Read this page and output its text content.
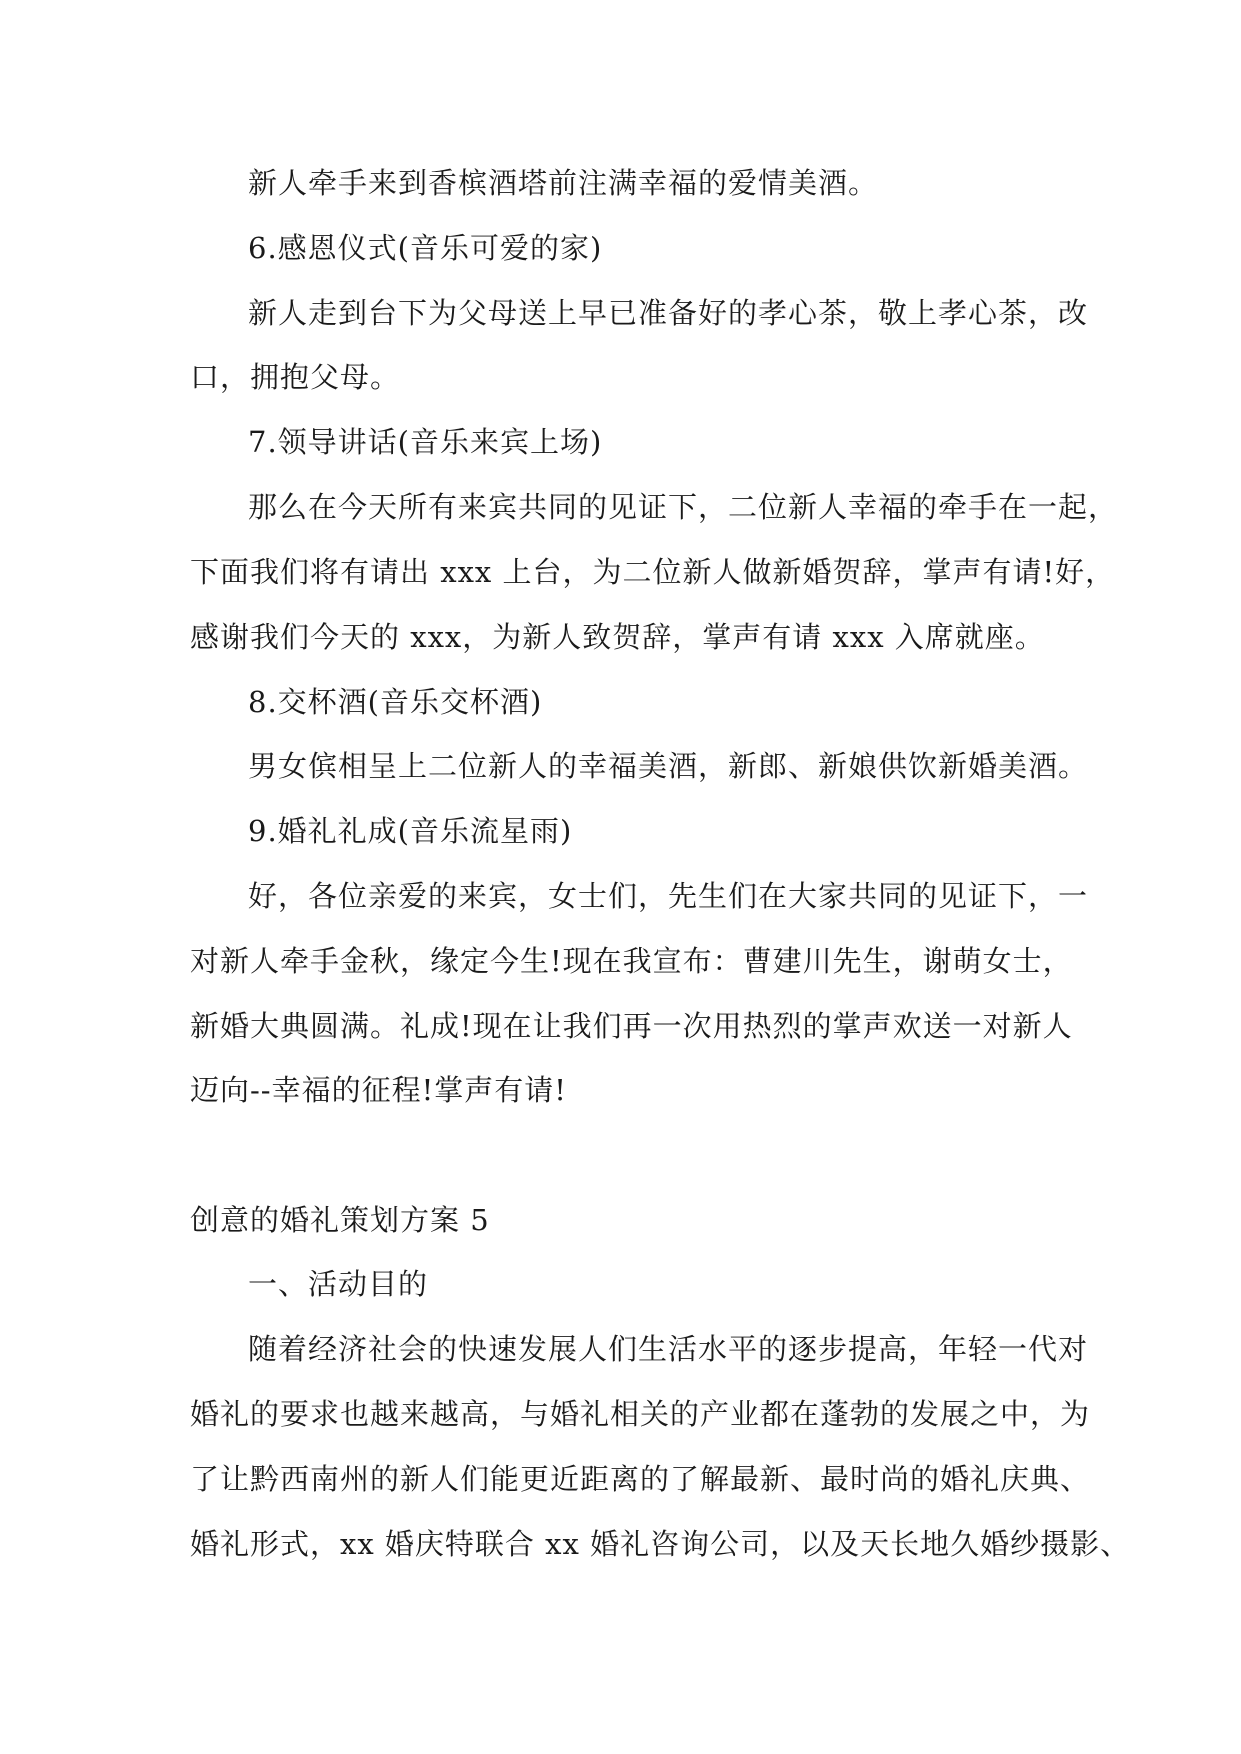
新人牵手来到香槟酒塔前注满幸福的爱情美酒。

6.感恩仪式(音乐可爱的家)

新人走到台下为父母送上早已准备好的孝心茶，敬上孝心茶，改

口，拥抱父母。

7.领导讲话(音乐来宾上场)

那么在今天所有来宾共同的见证下，二位新人幸福的牵手在一起，

下面我们将有请出 xxx 上台，为二位新人做新婚贺辞，掌声有请!好，

感谢我们今天的 xxx，为新人致贺辞，掌声有请 xxx 入席就座。

8.交杯酒(音乐交杯酒)

男女傧相呈上二位新人的幸福美酒，新郎、新娘供饮新婚美酒。

9.婚礼礼成(音乐流星雨)

好，各位亲爱的来宾，女士们，先生们在大家共同的见证下，一

对新人牵手金秋，缘定今生!现在我宣布：曹建川先生，谢萌女士，

新婚大典圆满。礼成!现在让我们再一次用热烈的掌声欢送一对新人

迈向--幸福的征程!掌声有请!

创意的婚礼策划方案 5

一、活动目的

随着经济社会的快速发展人们生活水平的逐步提高，年轻一代对

婚礼的要求也越来越高，与婚礼相关的产业都在蓬勃的发展之中，为

了让黔西南州的新人们能更近距离的了解最新、最时尚的婚礼庆典、

婚礼形式，xx 婚庆特联合 xx 婚礼咨询公司，以及天长地久婚纱摄影、
